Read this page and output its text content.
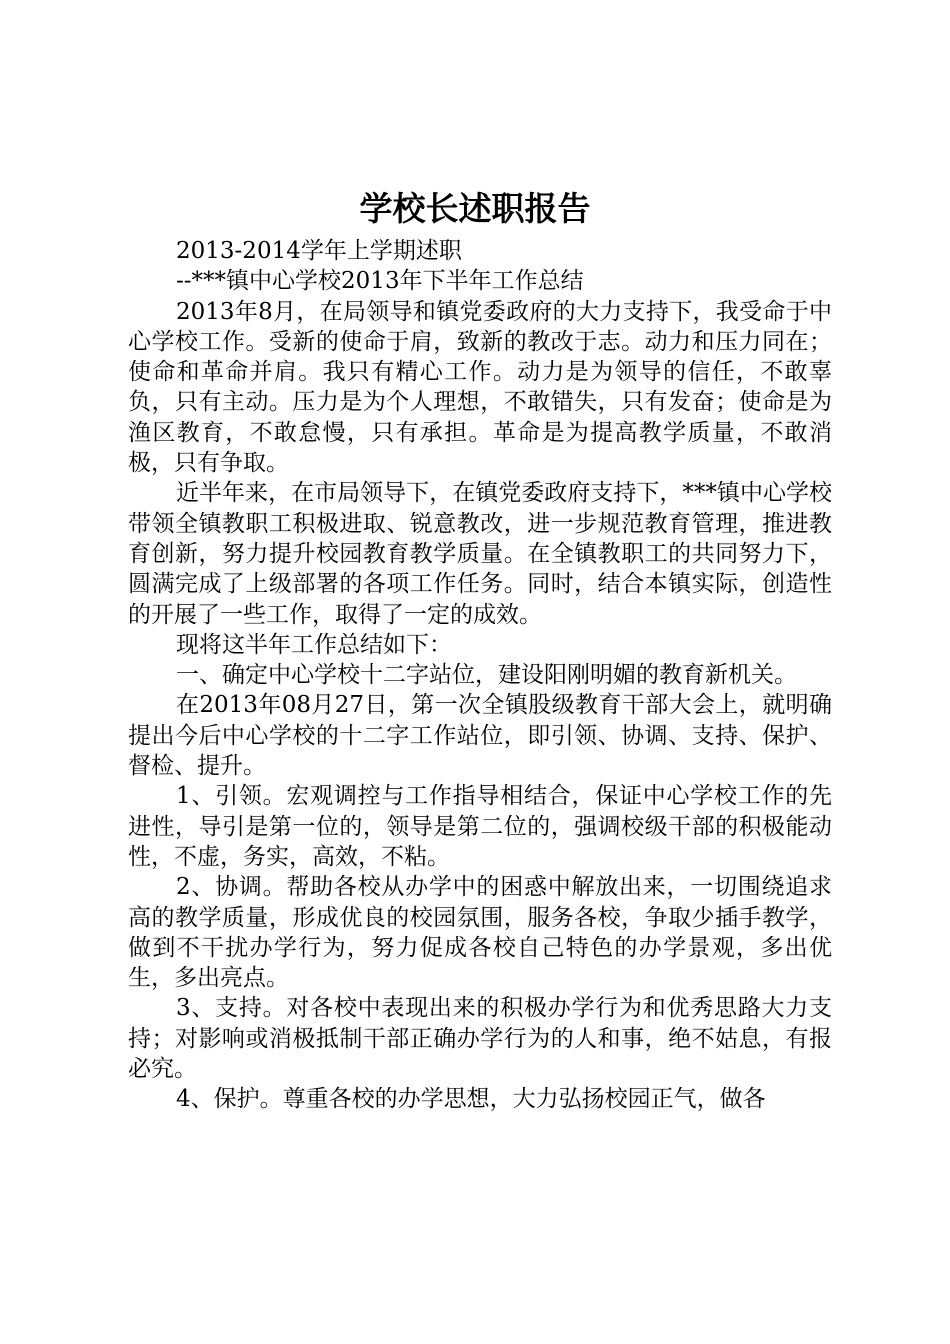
学校长述职报告

2013-2014学年上学期述职

--***镇中心学校2013年下半年工作总结

2013年8月，在局领导和镇党委政府的大力支持下，我受命于中心学校工作。受新的使命于肩，致新的教改于志。动力和压力同在；使命和革命并肩。我只有精心工作。动力是为领导的信任，不敢辜负，只有主动。压力是为个人理想，不敢错失，只有发奋；使命是为渔区教育，不敢怠慢，只有承担。革命是为提高教学质量，不敢消极，只有争取。

近半年来，在市局领导下，在镇党委政府支持下，***镇中心学校带领全镇教职工积极进取、锐意教改，进一步规范教育管理，推进教育创新，努力提升校园教育教学质量。在全镇教职工的共同努力下，圆满完成了上级部署的各项工作任务。同时，结合本镇实际，创造性的开展了一些工作，取得了一定的成效。

现将这半年工作总结如下：

一、确定中心学校十二字站位，建设阳刚明媚的教育新机关。

在2013年08月27日，第一次全镇股级教育干部大会上，就明确提出今后中心学校的十二字工作站位，即引领、协调、支持、保护、督检、提升。

1、引领。宏观调控与工作指导相结合，保证中心学校工作的先进性，导引是第一位的，领导是第二位的，强调校级干部的积极能动性，不虚，务实，高效，不粘。

2、协调。帮助各校从办学中的困惑中解放出来，一切围绕追求高的教学质量，形成优良的校园氛围，服务各校，争取少插手教学，做到不干扰办学行为，努力促成各校自己特色的办学景观，多出优生，多出亮点。

3、支持。对各校中表现出来的积极办学行为和优秀思路大力支持；对影响或消极抵制干部正确办学行为的人和事，绝不姑息，有报必究。

4、保护。尊重各校的办学思想，大力弘扬校园正气，做各
